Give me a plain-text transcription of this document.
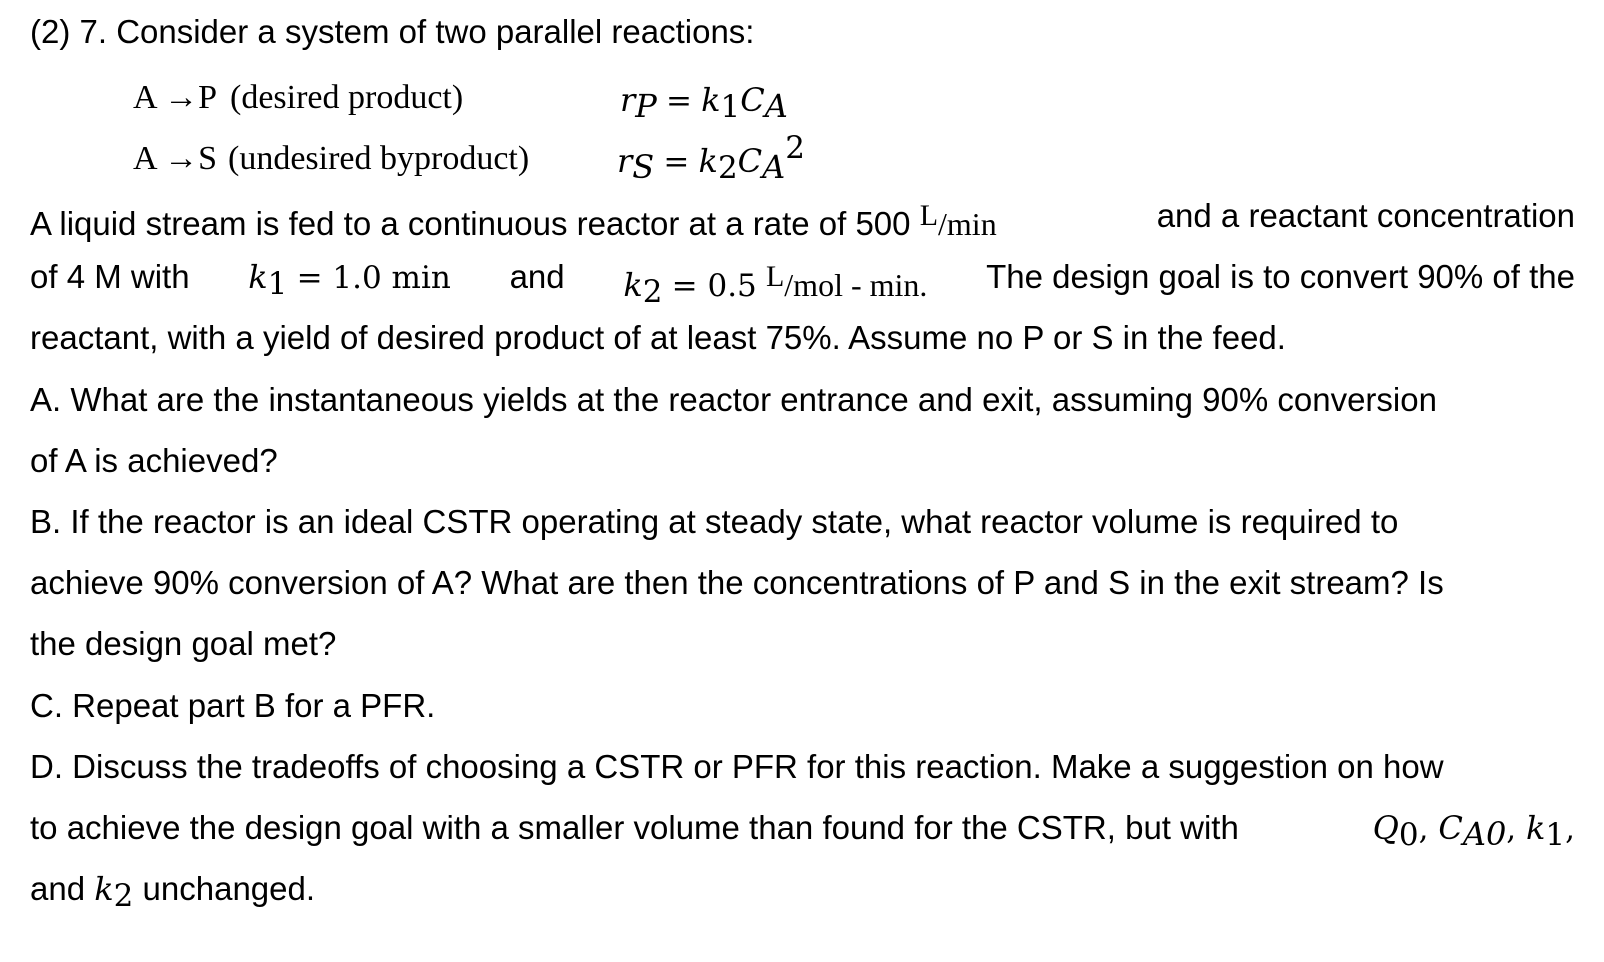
(2) 7. Consider a system of two parallel reactions:
A →P (desired product)	$r_P = k_1C_A$
A →S (undesired byproduct)	$r_S = k_2C_A^2$
A liquid stream is fed to a continuous reactor at a rate of 500 L/min	and a reactant concentration
of 4 M with $k_1 = 1.0$ min and $k_2 = 0.5$ L/mol - min. The design goal is to convert 90% of the
reactant, with a yield of desired product of at least 75%. Assume no P or S in the feed.
A. What are the instantaneous yields at the reactor entrance and exit, assuming 90% conversion
of A is achieved?
B. If the reactor is an ideal CSTR operating at steady state, what reactor volume is required to
achieve 90% conversion of A? What are then the concentrations of P and S in the exit stream? Is
the design goal met?
C. Repeat part B for a PFR.
D. Discuss the tradeoffs of choosing a CSTR or PFR for this reaction. Make a suggestion on how
to achieve the design goal with a smaller volume than found for the CSTR, but with	$Q_0$, $C_{A0}$, $k_1$,
and $k_2$ unchanged.
